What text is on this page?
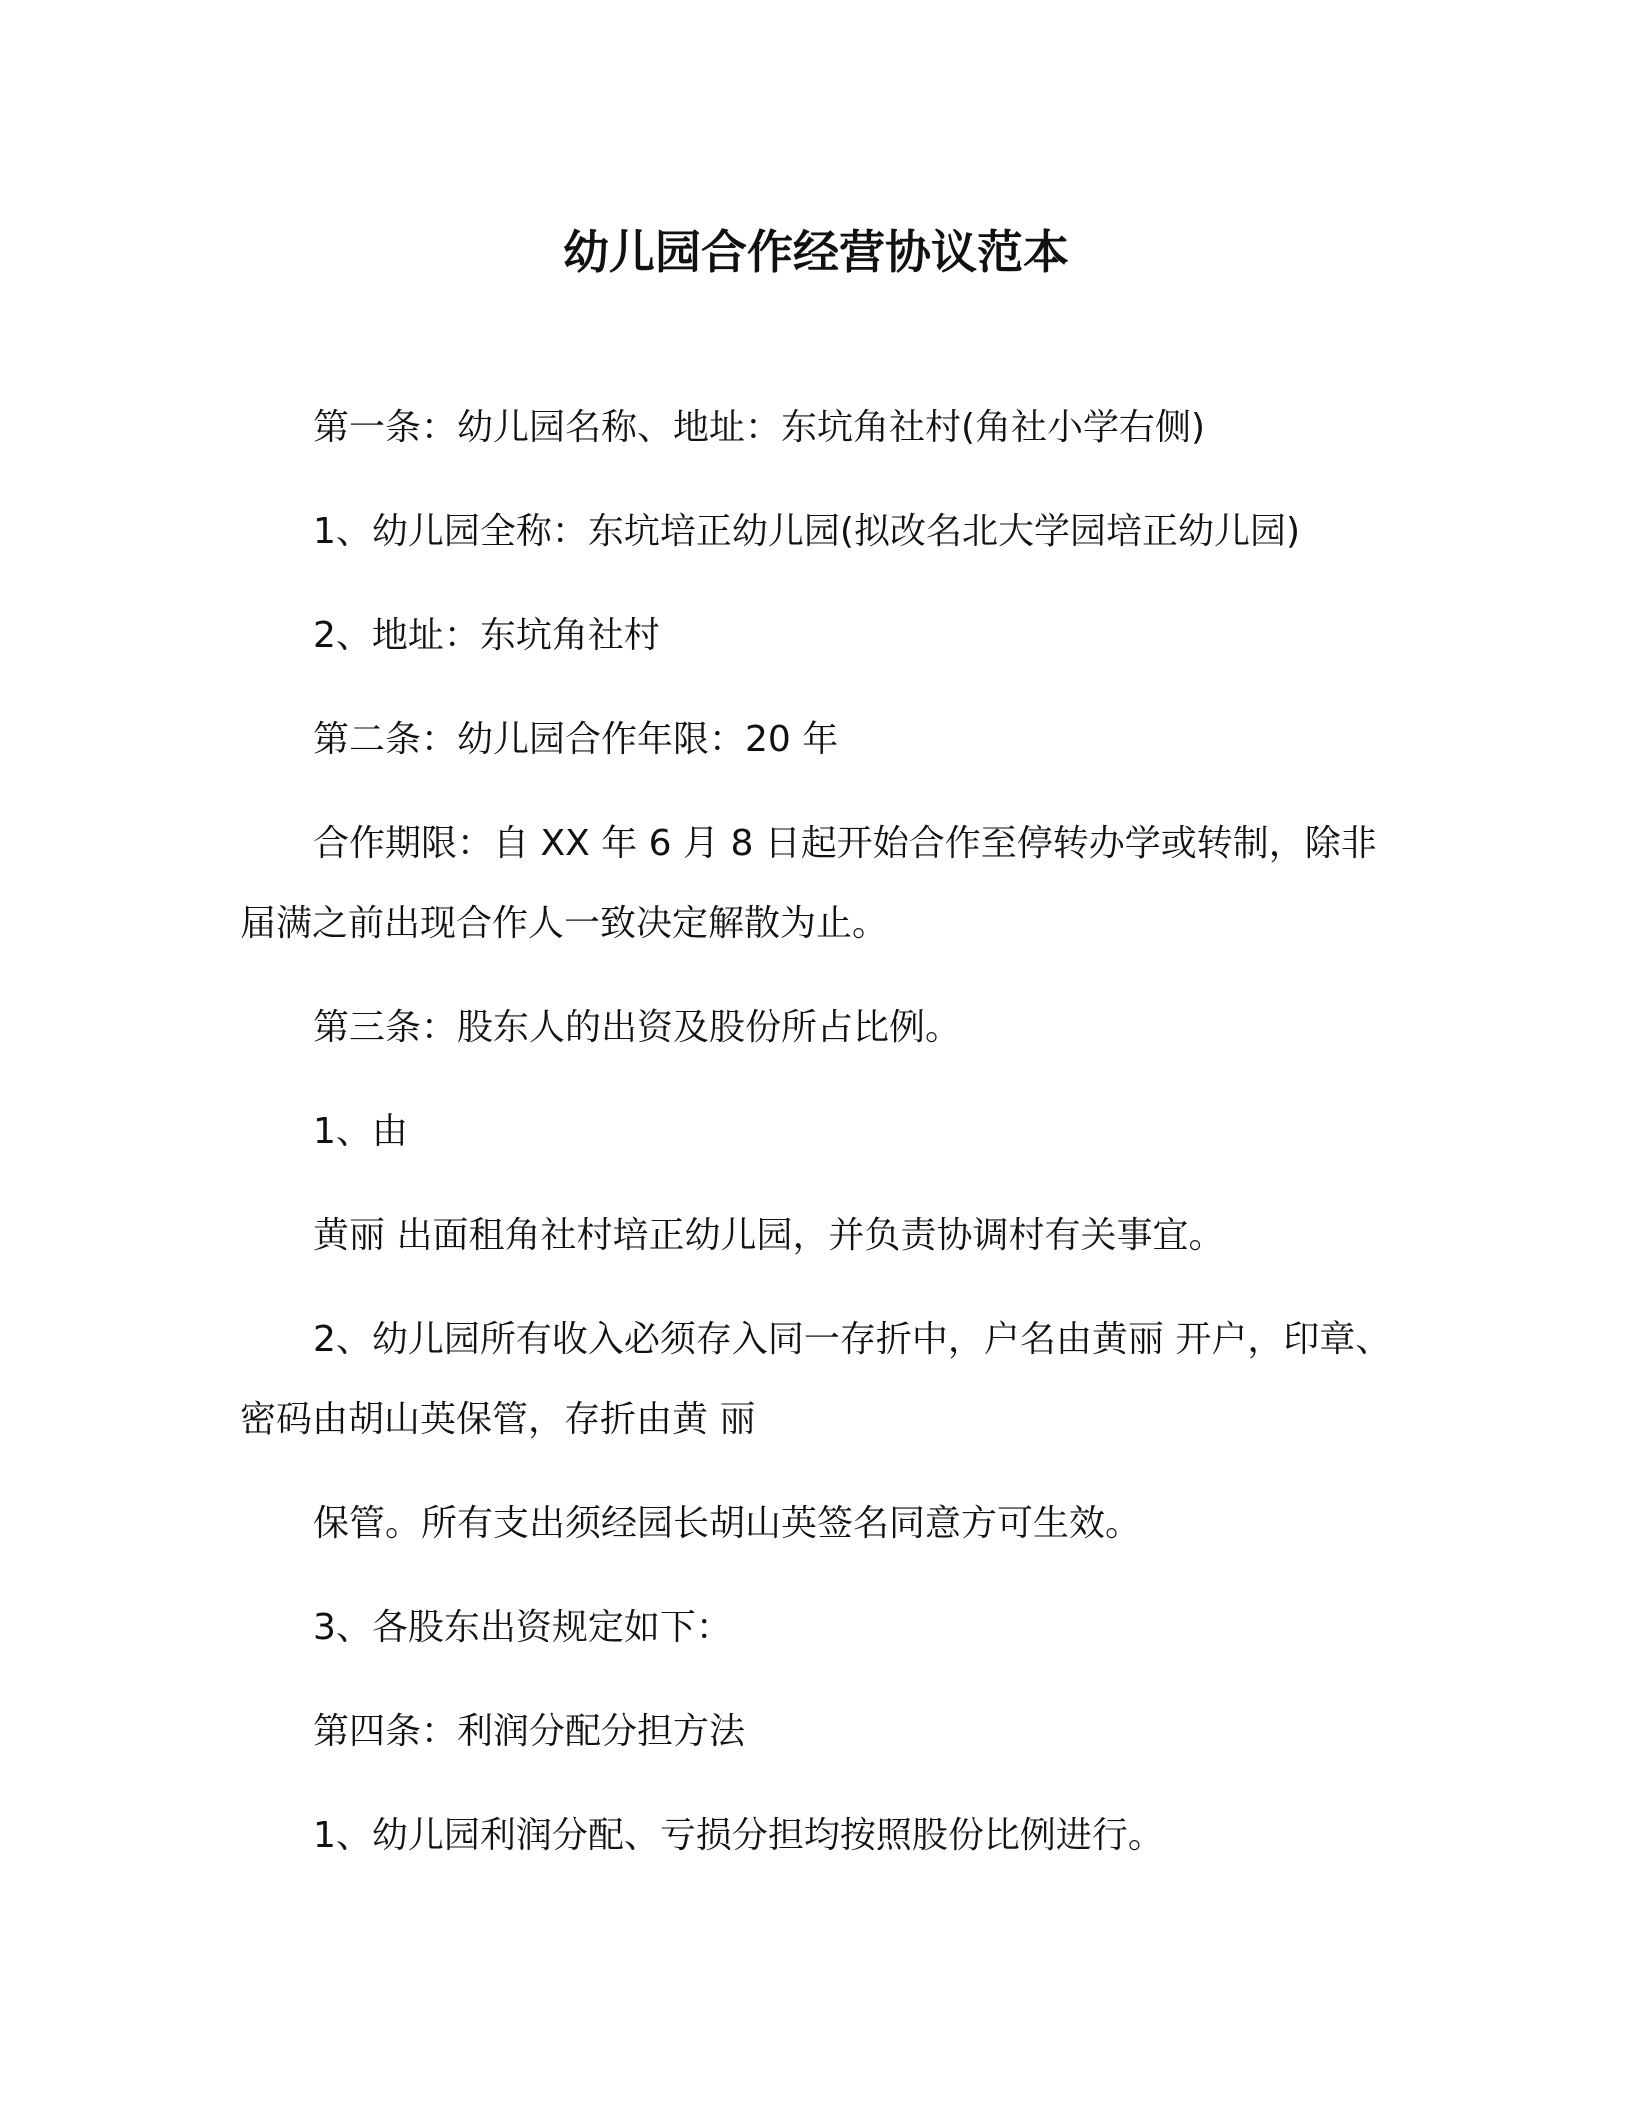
幼儿园合作经营协议范本

第一条：幼儿园名称、地址：东坑角社村(角社小学右侧)

1、幼儿园全称：东坑培正幼儿园(拟改名北大学园培正幼儿园)

2、地址：东坑角社村

第二条：幼儿园合作年限：20 年

合作期限：自 XX 年 6 月 8 日起开始合作至停转办学或转制，除非届满之前出现合作人一致决定解散为止。

第三条：股东人的出资及股份所占比例。

1、由

黄丽 出面租角社村培正幼儿园，并负责协调村有关事宜。

2、幼儿园所有收入必须存入同一存折中，户名由黄丽 开户，印章、密码由胡山英保管，存折由黄 丽

保管。所有支出须经园长胡山英签名同意方可生效。

3、各股东出资规定如下：

第四条：利润分配分担方法

1、幼儿园利润分配、亏损分担均按照股份比例进行。
